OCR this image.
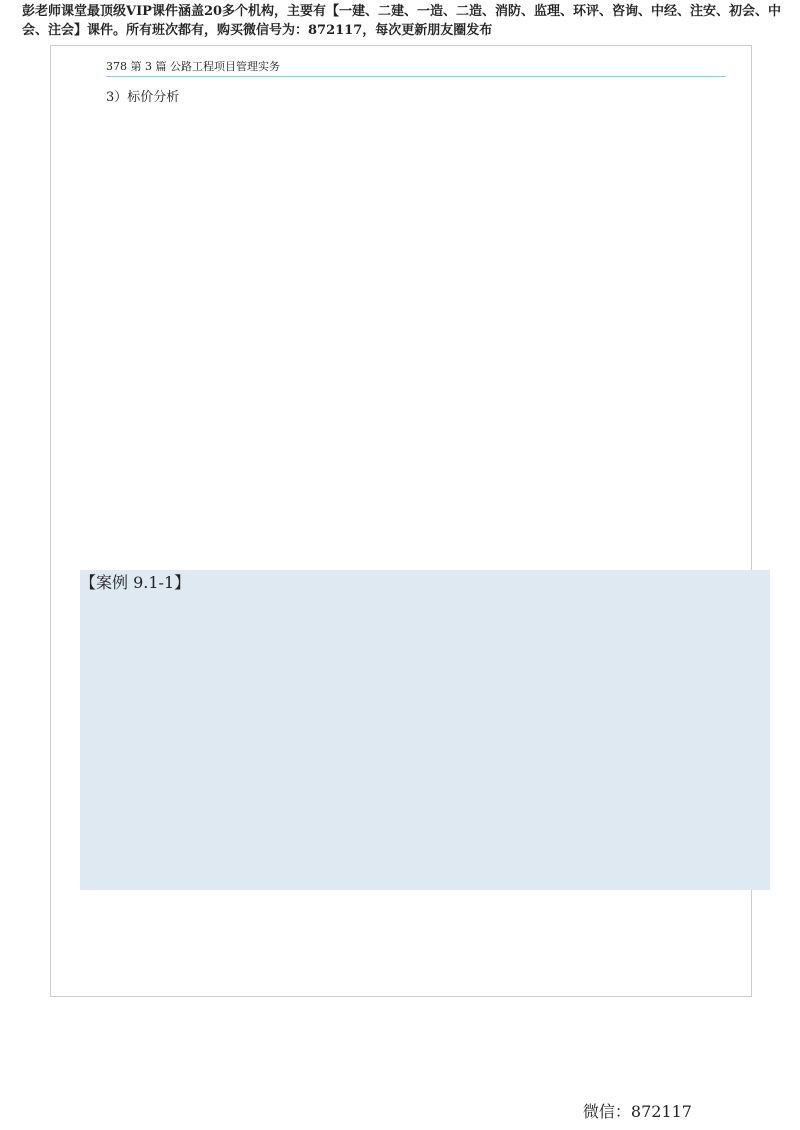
彭老师课堂最顶级VIP课件涵盖20多个机构，主要有【一建、二建、一造、二造、消防、监理、环评、咨询、中经、注安、初会、中会、注会】课件。所有班次都有，购买微信号为：872117，每次更新朋友圈发布
378 第 3 篇 公路工程项目管理实务
3）标价分析
【案例 9.1-1】
微信：872117
